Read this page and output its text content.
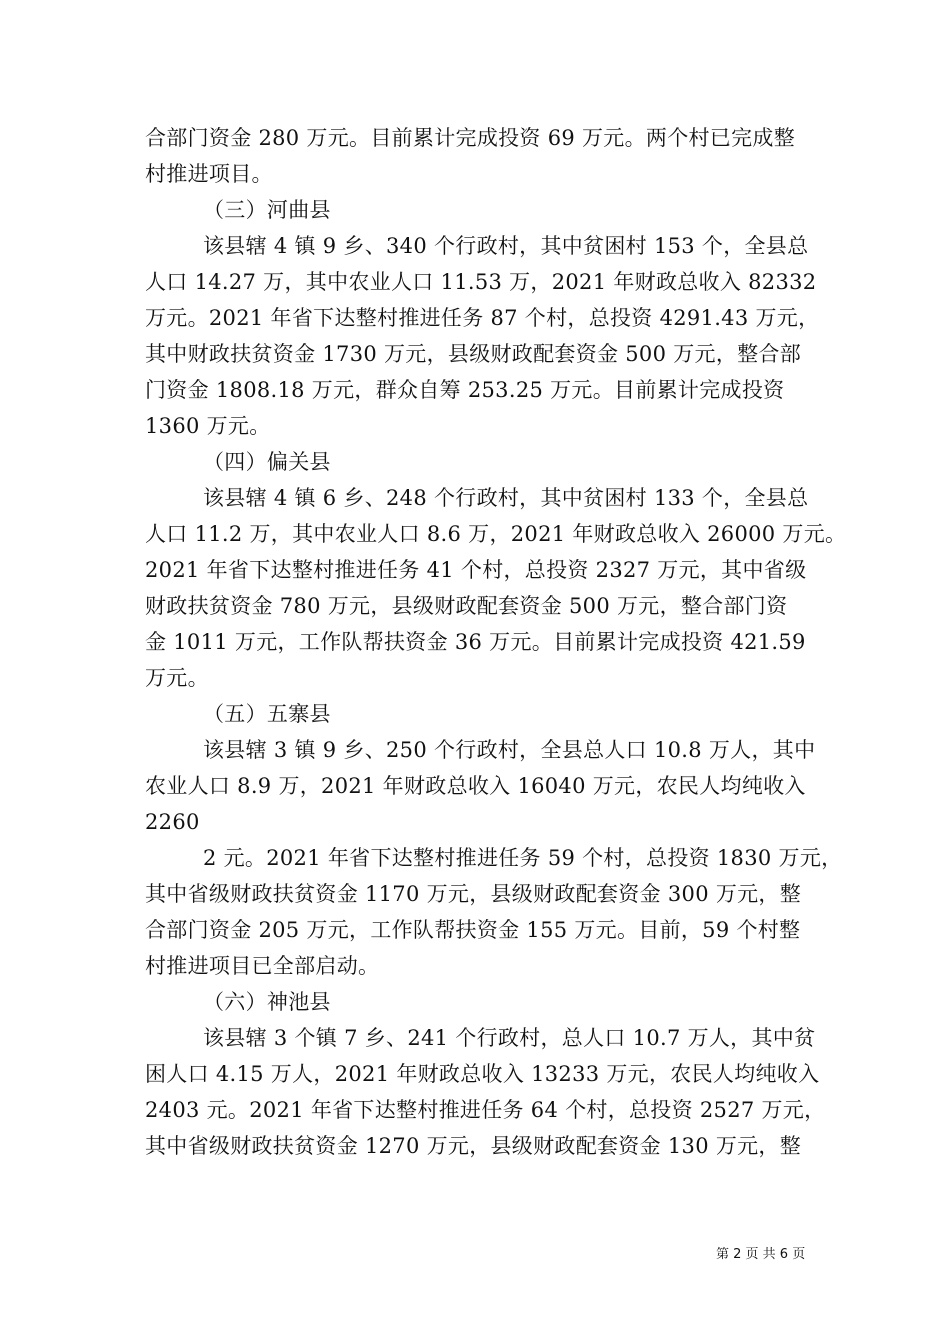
合部门资金 280 万元。目前累计完成投资 69 万元。两个村已完成整
村推进项目。
（三）河曲县
该县辖 4 镇 9 乡、340 个行政村，其中贫困村 153 个，全县总
人口 14.27 万，其中农业人口 11.53 万，2021 年财政总收入 82332
万元。2021 年省下达整村推进任务 87 个村，总投资 4291.43 万元，
其中财政扶贫资金 1730 万元，县级财政配套资金 500 万元，整合部
门资金 1808.18 万元，群众自筹 253.25 万元。目前累计完成投资
1360 万元。
（四）偏关县
该县辖 4 镇 6 乡、248 个行政村，其中贫困村 133 个，全县总
人口 11.2 万，其中农业人口 8.6 万，2021 年财政总收入 26000 万元。
2021 年省下达整村推进任务 41 个村，总投资 2327 万元，其中省级
财政扶贫资金 780 万元，县级财政配套资金 500 万元，整合部门资
金 1011 万元，工作队帮扶资金 36 万元。目前累计完成投资 421.59
万元。
（五）五寨县
该县辖 3 镇 9 乡、250 个行政村，全县总人口 10.8 万人，其中
农业人口 8.9 万，2021 年财政总收入 16040 万元，农民人均纯收入
2260
2 元。2021 年省下达整村推进任务 59 个村，总投资 1830 万元，
其中省级财政扶贫资金 1170 万元，县级财政配套资金 300 万元，整
合部门资金 205 万元，工作队帮扶资金 155 万元。目前，59 个村整
村推进项目已全部启动。
（六）神池县
该县辖 3 个镇 7 乡、241 个行政村，总人口 10.7 万人，其中贫
困人口 4.15 万人，2021 年财政总收入 13233 万元，农民人均纯收入
2403 元。2021 年省下达整村推进任务 64 个村，总投资 2527 万元，
其中省级财政扶贫资金 1270 万元，县级财政配套资金 130 万元，整
第 2 页 共 6 页
